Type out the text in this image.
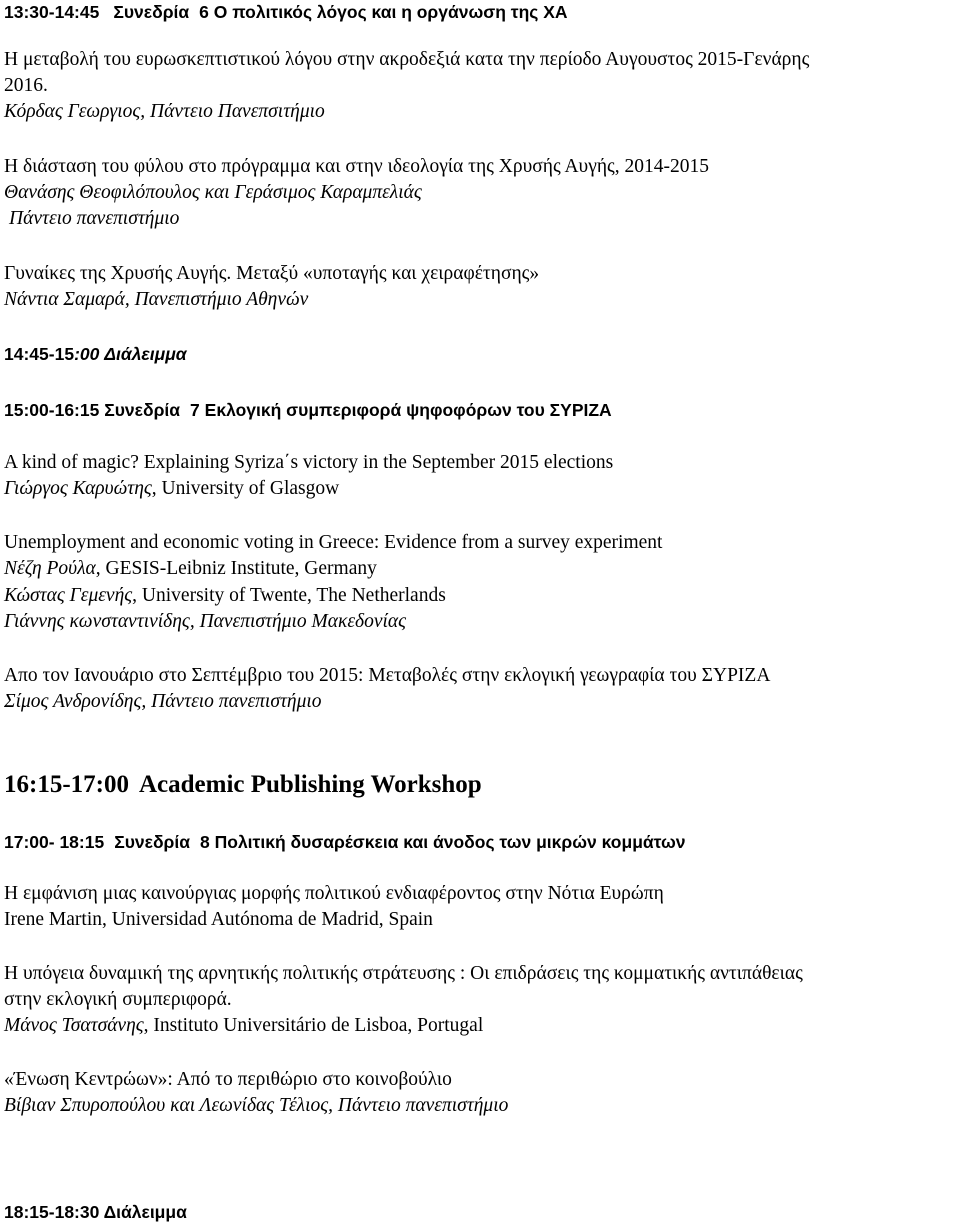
13:30-14:45 Συνεδρία 6 Ο πολιτικός λόγος και η οργάνωση της ΧΑ
Η μεταβολή του ευρωσκεπτιστικού λόγου στην ακροδεξιά κατα την περίοδο Αυγουστος 2015-Γενάρης
2016.
Κόρδας Γεωργιος, Πάντειο Πανεπσιτήμιο
Η διάσταση του φύλου στο πρόγραμμα και στην ιδεολογία της Χρυσής Αυγής, 2014-2015
Θανάσης Θεοφιλόπουλος και Γεράσιμος Καραμπελιάς
Πάντειο πανεπιστήμιο
Γυναίκες της Χρυσής Αυγής. Μεταξύ «υποταγής και χειραφέτησης»
Νάντια Σαμαρά, Πανεπιστήμιο Αθηνών
14:45-15:00 Διάλειμμα
15:00-16:15 Συνεδρία 7 Εκλογική συμπεριφορά ψηφοφόρων του ΣΥΡΙΖΑ
A kind of magic? Explaining Syriza΄s victory in the September 2015 elections
Γιώργος Καρυώτης, University of Glasgow
Unemployment and economic voting in Greece: Evidence from a survey experiment
Νέζη Ρούλα, GESIS-Leibniz Institute, Germany
Κώστας Γεμενής, University of Twente, The Netherlands
Γιάννης κωνσταντινίδης, Πανεπιστήμιο Μακεδονίας
Απο τον Ιανουάριο στο Σεπτέμβριο του 2015: Μεταβολές στην εκλογική γεωγραφία του ΣΥΡΙΖΑ
Σίμος Ανδρονίδης, Πάντειο πανεπιστήμιο
16:15-17:00 Academic Publishing Workshop
17:00- 18:15 Συνεδρία 8 Πολιτική δυσαρέσκεια και άνοδος των μικρών κομμάτων
Η εμφάνιση μιας καινούργιας μορφής πολιτικού ενδιαφέροντος στην Νότια Ευρώπη
Irene Martin, Universidad Autónoma de Madrid, Spain
Η υπόγεια δυναμική της αρνητικής πολιτικής στράτευσης : Οι επιδράσεις της κομματικής αντιπάθειας
στην εκλογική συμπεριφορά.
Μάνος Τσατσάνης, Instituto Universitário de Lisboa, Portugal
«Ένωση Κεντρώων»: Από το περιθώριο στο κοινοβούλιο
Βίβιαν Σπυροπούλου και Λεωνίδας Τέλιος, Πάντειο πανεπιστήμιο
18:15-18:30 Διάλειμμα
